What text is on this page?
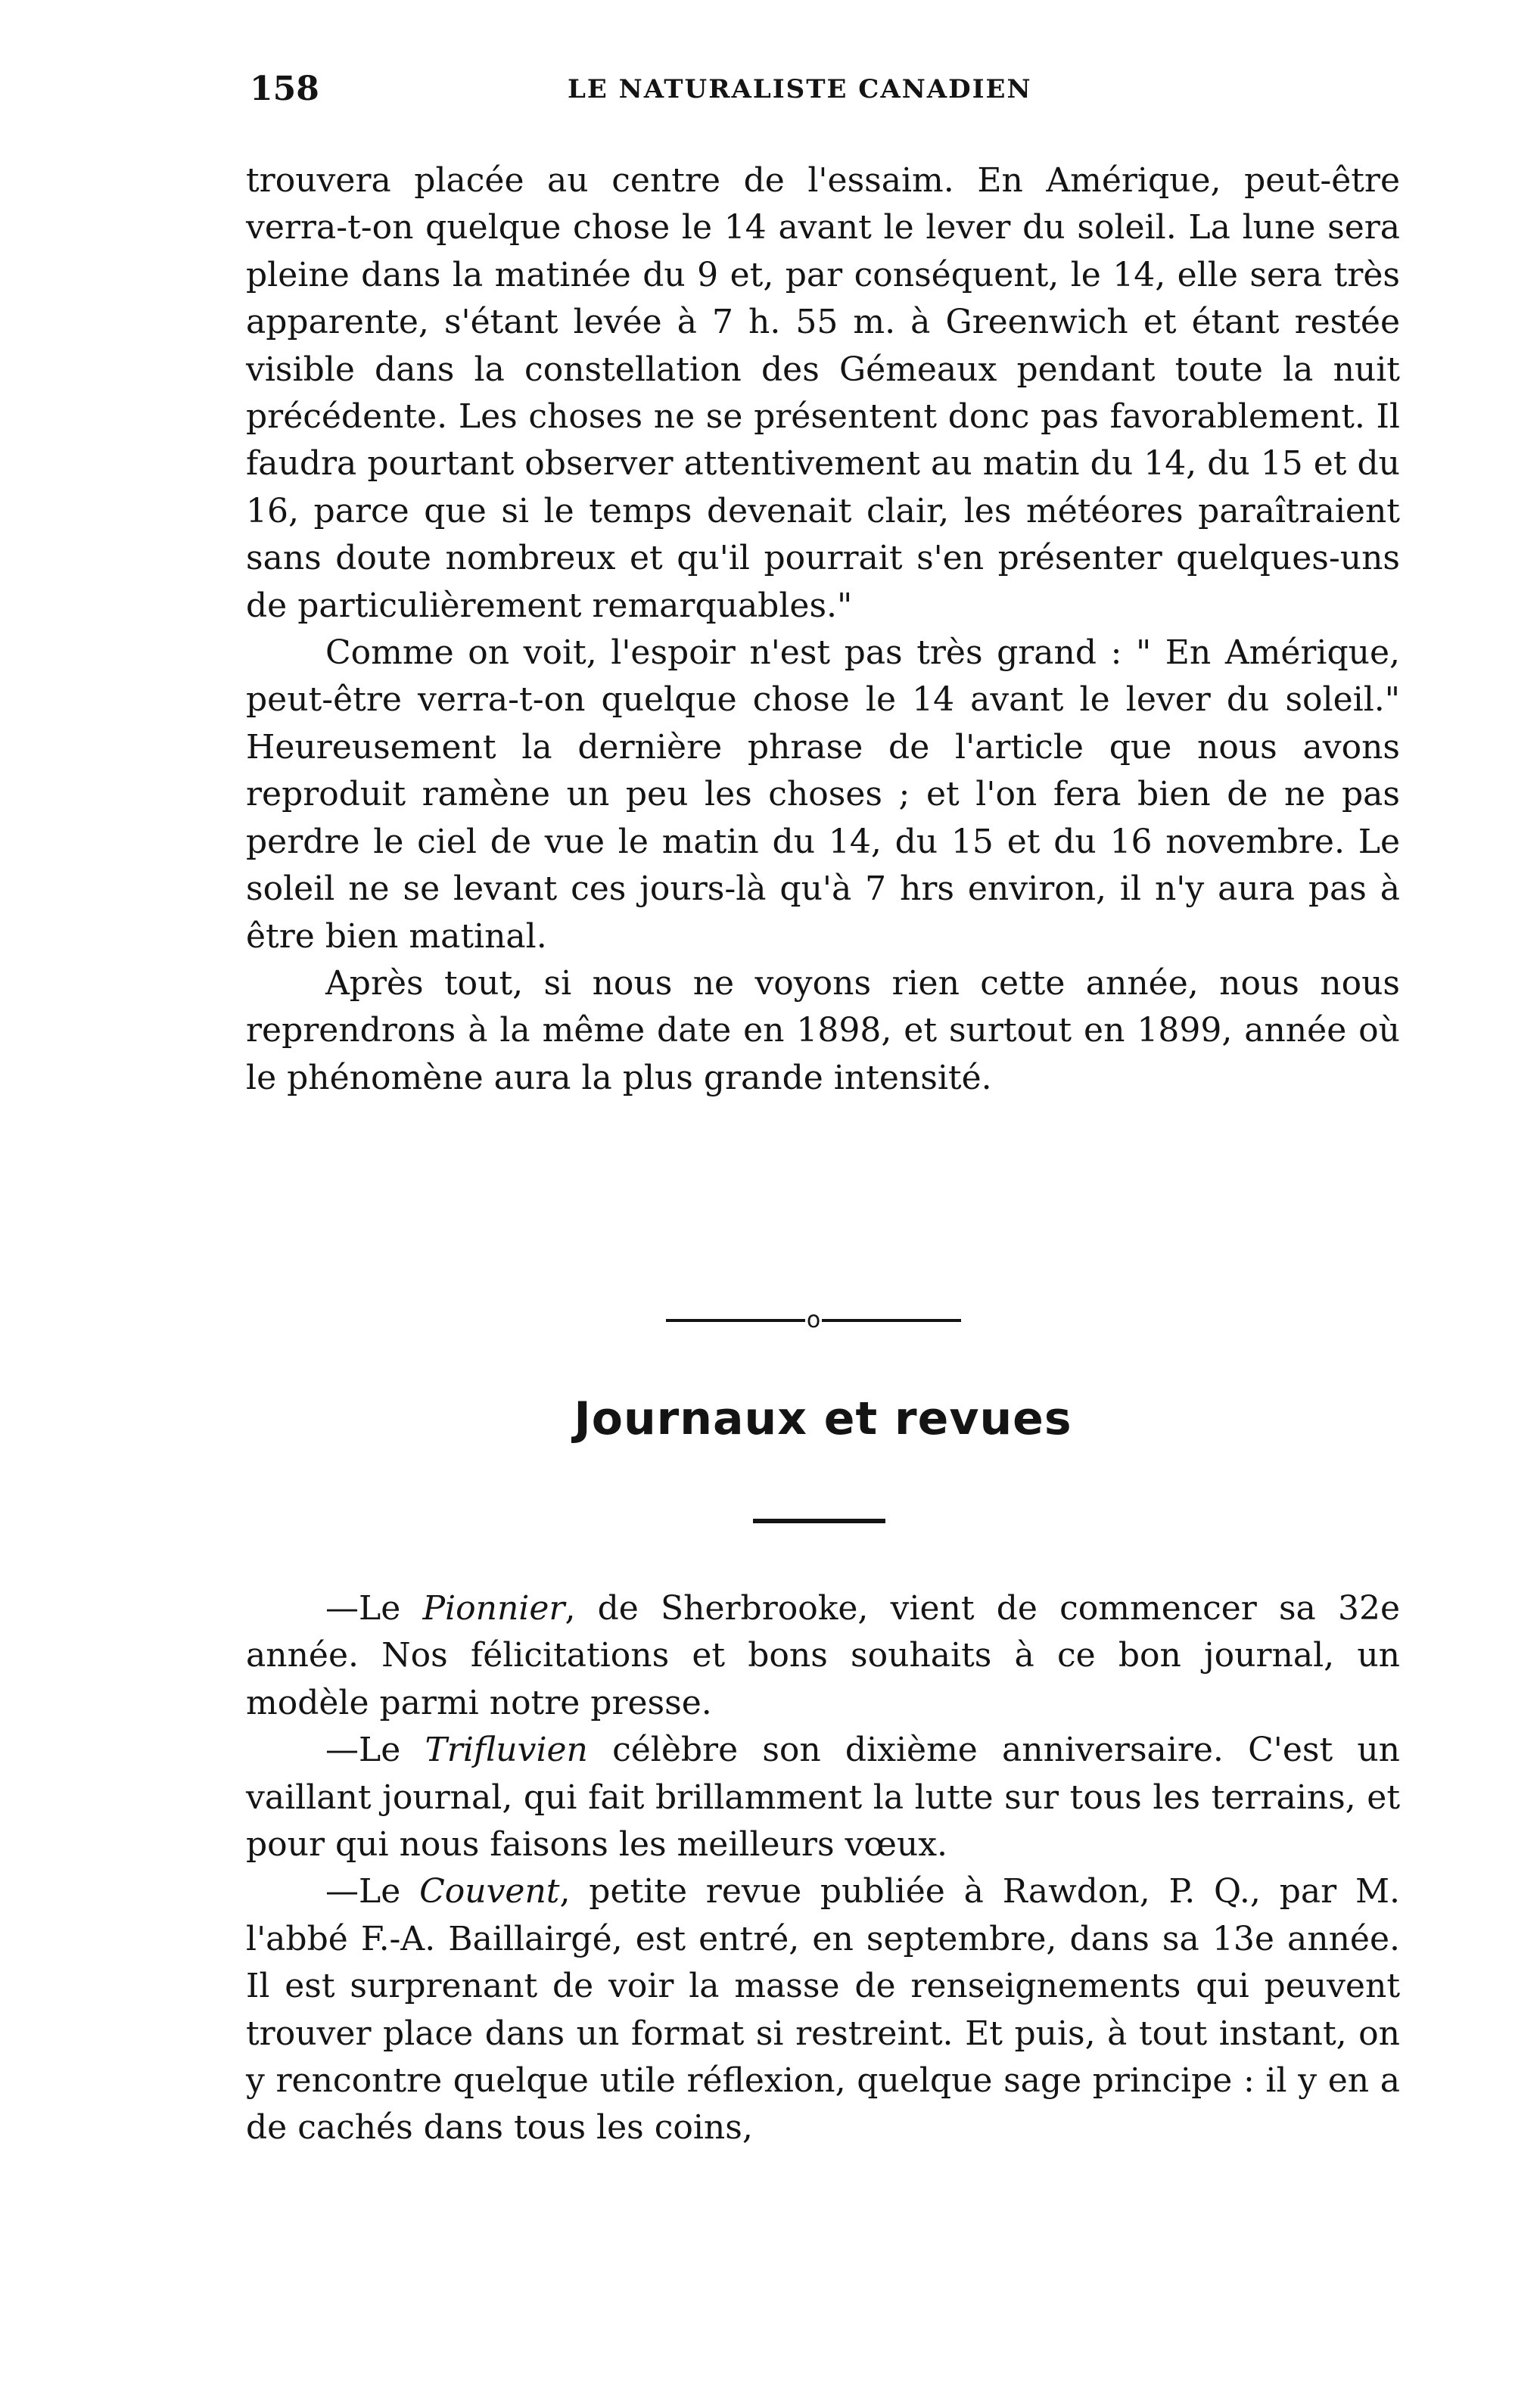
158	LE NATURALISTE CANADIEN

trouvera placée au centre de l'essaim. En Amérique, peut-être verra-t-on quelque chose le 14 avant le lever du soleil. La lune sera pleine dans la matinée du 9 et, par conséquent, le 14, elle sera très apparente, s'étant levée à 7 h. 55 m. à Greenwich et étant restée visible dans la constellation des Gémeaux pendant toute la nuit précédente. Les choses ne se présentent donc pas favorablement. Il faudra pourtant observer attentivement au matin du 14, du 15 et du 16, parce que si le temps devenait clair, les météores paraîtraient sans doute nombreux et qu'il pourrait s'en présenter quelques-uns de particulièrement remarquables."

Comme on voit, l'espoir n'est pas très grand : " En Amérique, peut-être verra-t-on quelque chose le 14 avant le lever du soleil." Heureusement la dernière phrase de l'article que nous avons reproduit ramène un peu les choses ; et l'on fera bien de ne pas perdre le ciel de vue le matin du 14, du 15 et du 16 novembre. Le soleil ne se levant ces jours-là qu'à 7 hrs environ, il n'y aura pas à être bien matinal.

Après tout, si nous ne voyons rien cette année, nous nous reprendrons à la même date en 1898, et surtout en 1899, année où le phénomène aura la plus grande intensité.

o
Journaux et revues

—Le Pionnier, de Sherbrooke, vient de commencer sa 32e année. Nos félicitations et bons souhaits à ce bon journal, un modèle parmi notre presse.

—Le Trifluvien célèbre son dixième anniversaire. C'est un vaillant journal, qui fait brillamment la lutte sur tous les terrains, et pour qui nous faisons les meilleurs vœux.

—Le Couvent, petite revue publiée à Rawdon, P. Q., par M. l'abbé F.-A. Baillairgé, est entré, en septembre, dans sa 13e année. Il est surprenant de voir la masse de renseignements qui peuvent trouver place dans un format si restreint. Et puis, à tout instant, on y rencontre quelque utile réflexion, quelque sage principe : il y en a de cachés dans tous les coins,
